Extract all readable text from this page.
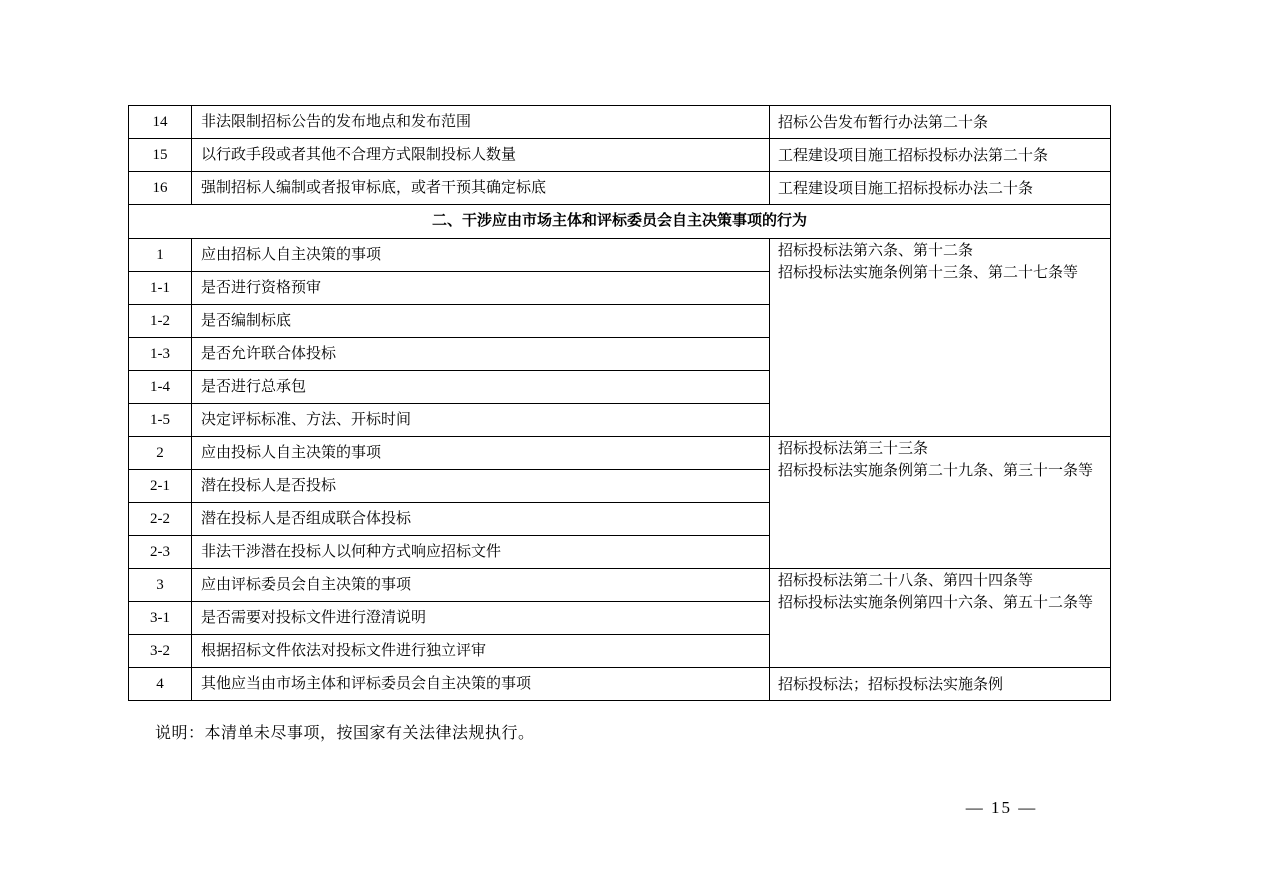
14	非法限制招标公告的发布地点和发布范围	招标公告发布暂行办法第二十条

15	以行政手段或者其他不合理方式限制投标人数量	工程建设项目施工招标投标办法第二十条

16	强制招标人编制或者报审标底，或者干预其确定标底	工程建设项目施工招标投标办法二十条

二、干涉应由市场主体和评标委员会自主决策事项的行为		
1	应由招标人自主决策的事项	招标投标法第六条、第十二条
招标投标法实施条例第十三条、第二十七条等

1-1	是否进行资格预审	
1-2	是否编制标底	
1-3	是否允许联合体投标	
1-4	是否进行总承包	
1-5	决定评标标准、方法、开标时间	
2	应由投标人自主决策的事项	招标投标法第三十三条
招标投标法实施条例第二十九条、第三十一条等

2-1	潜在投标人是否投标	
2-2	潜在投标人是否组成联合体投标	
2-3	非法干涉潜在投标人以何种方式响应招标文件	
3	应由评标委员会自主决策的事项	招标投标法第二十八条、第四十四条等
招标投标法实施条例第四十六条、第五十二条等

3-1	是否需要对投标文件进行澄清说明	
3-2	根据招标文件依法对投标文件进行独立评审	
4	其他应当由市场主体和评标委员会自主决策的事项	招标投标法；招标投标法实施条例
说明：本清单未尽事项，按国家有关法律法规执行。
— 15 —
